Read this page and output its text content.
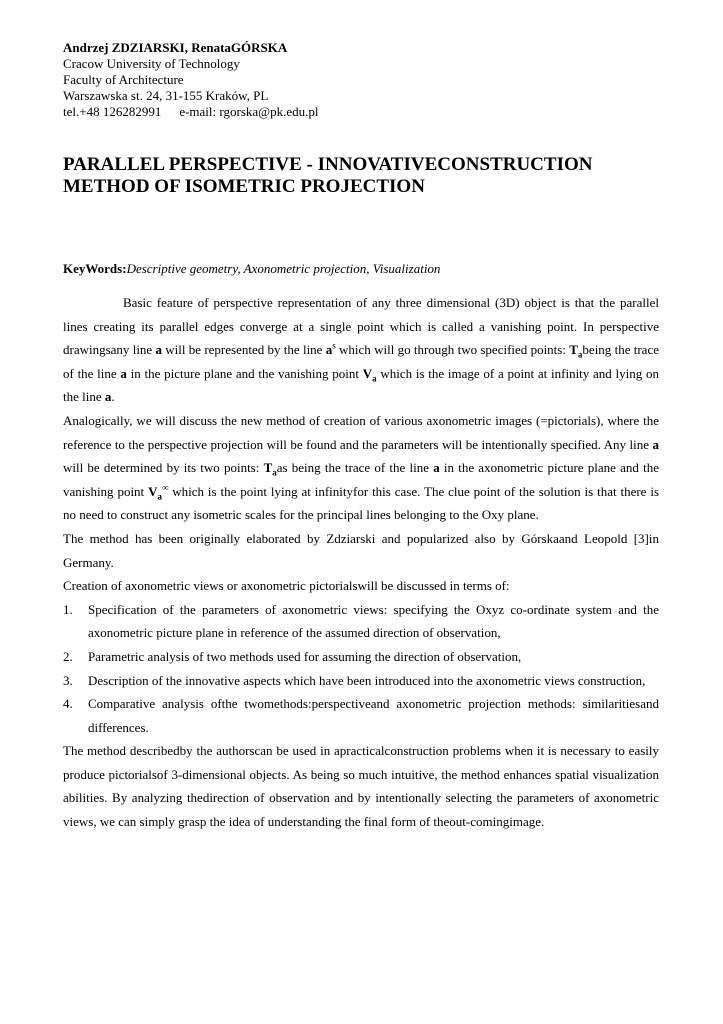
Andrzej ZDZIARSKI, RenataGÓRSKA
Cracow University of Technology
Faculty of Architecture
Warszawska st. 24, 31-155 Kraków, PL
tel.+48 126282991 e-mail: rgorska@pk.edu.pl
PARALLEL PERSPECTIVE - INNOVATIVECONSTRUCTION
METHOD OF ISOMETRIC PROJECTION
KeyWords:Descriptive geometry, Axonometric projection, Visualization

Basic feature of perspective representation of any three dimensional (3D) object is that the parallel lines creating its parallel edges converge at a single point which is called a vanishing point. In perspective drawingsany line a will be represented by the line $a^s$ which will go through two specified points: $T_abeing$ the trace of the line a in the picture plane and the vanishing point $V_a$ which is the image of a point at infinity and lying on the line a.

Analogically, we will discuss the new method of creation of various axonometric images (=pictorials), where the reference to the perspective projection will be found and the parameters will be intentionally specified. Any line a will be determined by its two points: $T_aas$ being the trace of the line a in the axonometric picture plane and the vanishing point $V_a^\infty$ which is the point lying at infinityfor this case. The clue point of the solution is that there is no need to construct any isometric scales for the principal lines belonging to the Oxy plane.

The method has been originally elaborated by Zdziarski and popularized also by Górskaand Leopold [3]in Germany.

Creation of axonometric views or axonometric pictorialswill be discussed in terms of:

1. Specification of the parameters of axonometric views: specifying the Oxyz co-ordinate system and the axonometric picture plane in reference of the assumed direction of observation,
2. Parametric analysis of two methods used for assuming the direction of observation,
3. Description of the innovative aspects which have been introduced into the axonometric views construction,
4. Comparative analysis ofthe twomethods:perspectiveand axonometric projection methods: similaritiesand differences.

The method describedby the authorscan be used in apracticalconstruction problems when it is necessary to easily produce pictorialsof 3-dimensional objects. As being so much intuitive, the method enhances spatial visualization abilities. By analyzing thedirection of observation and by intentionally selecting the parameters of axonometric views, we can simply grasp the idea of understanding the final form of theout-comingimage.
